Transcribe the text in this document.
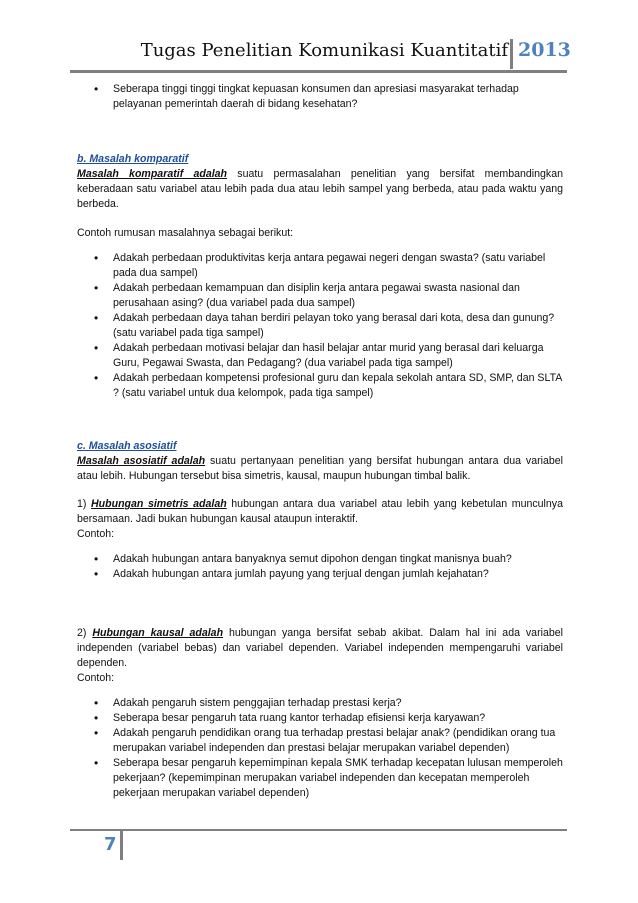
Tugas Penelitian Komunikasi Kuantitatif 2013
• Seberapa tinggi tinggi tingkat kepuasan konsumen dan apresiasi masyarakat terhadap pelayanan pemerintah daerah di bidang kesehatan?

b. Masalah komparatif

Masalah komparatif adalah suatu permasalahan penelitian yang bersifat membandingkan keberadaan satu variabel atau lebih pada dua atau lebih sampel yang berbeda, atau pada waktu yang berbeda.

Contoh rumusan masalahnya sebagai berikut:

• Adakah perbedaan produktivitas kerja antara pegawai negeri dengan swasta? (satu variabel pada dua sampel)
• Adakah perbedaan kemampuan dan disiplin kerja antara pegawai swasta nasional dan perusahaan asing? (dua variabel pada dua sampel)
• Adakah perbedaan daya tahan berdiri pelayan toko yang berasal dari kota, desa dan gunung? (satu variabel pada tiga sampel)
• Adakah perbedaan motivasi belajar dan hasil belajar antar murid yang berasal dari keluarga Guru, Pegawai Swasta, dan Pedagang? (dua variabel pada tiga sampel)
• Adakah perbedaan kompetensi profesional guru dan kepala sekolah antara SD, SMP, dan SLTA ? (satu variabel untuk dua kelompok, pada tiga sampel)

c. Masalah asosiatif

Masalah asosiatif adalah suatu pertanyaan penelitian yang bersifat hubungan antara dua variabel atau lebih. Hubungan tersebut bisa simetris, kausal, maupun hubungan timbal balik.

1) Hubungan simetris adalah hubungan antara dua variabel atau lebih yang kebetulan munculnya bersamaan. Jadi bukan hubungan kausal ataupun interaktif.

Contoh:

• Adakah hubungan antara banyaknya semut dipohon dengan tingkat manisnya buah?
• Adakah hubungan antara jumlah payung yang terjual dengan jumlah kejahatan?

2) Hubungan kausal adalah hubungan yanga bersifat sebab akibat. Dalam hal ini ada variabel independen (variabel bebas) dan variabel dependen. Variabel independen mempengaruhi variabel dependen.

Contoh:

• Adakah pengaruh sistem penggajian terhadap prestasi kerja?
• Seberapa besar pengaruh tata ruang kantor terhadap efisiensi kerja karyawan?
• Adakah pengaruh pendidikan orang tua terhadap prestasi belajar anak? (pendidikan orang tua merupakan variabel independen dan prestasi belajar merupakan variabel dependen)
• Seberapa besar pengaruh kepemimpinan kepala SMK terhadap kecepatan lulusan memperoleh pekerjaan? (kepemimpinan merupakan variabel independen dan kecepatan memperoleh pekerjaan merupakan variabel dependen)
7
